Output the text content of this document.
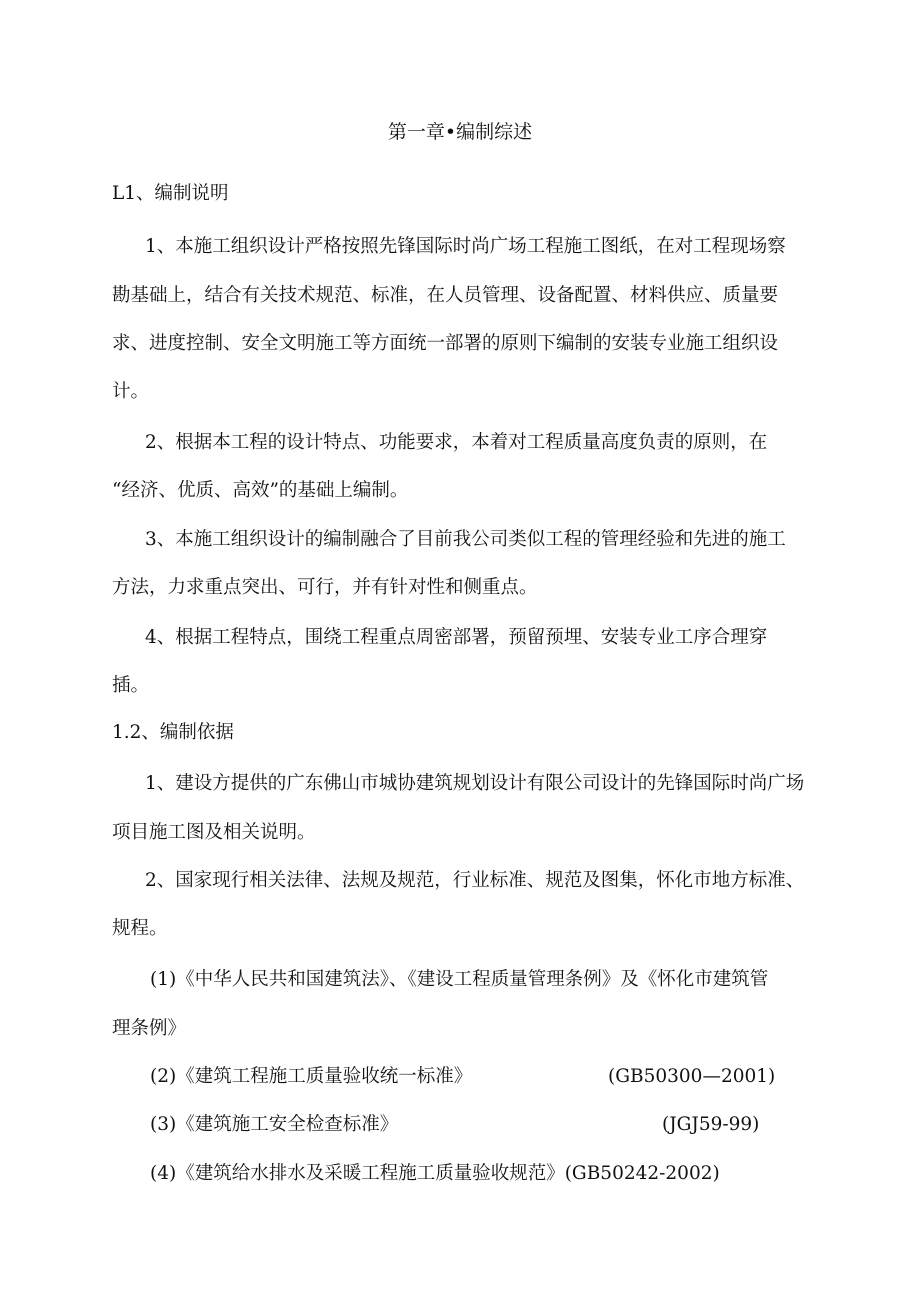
第一章•编制综述
L1、编制说明
1、本施工组织设计严格按照先锋国际时尚广场工程施工图纸，在对工程现场察
勘基础上，结合有关技术规范、标准，在人员管理、设备配置、材料供应、质量要
求、进度控制、安全文明施工等方面统一部署的原则下编制的安装专业施工组织设
计。
2、根据本工程的设计特点、功能要求，本着对工程质量高度负责的原则，在
“经济、优质、高效”的基础上编制。
3、本施工组织设计的编制融合了目前我公司类似工程的管理经验和先进的施工
方法，力求重点突出、可行，并有针对性和侧重点。
4、根据工程特点，围绕工程重点周密部署，预留预埋、安装专业工序合理穿
插。
1.2、编制依据
1、建设方提供的广东佛山市城协建筑规划设计有限公司设计的先锋国际时尚广场
项目施工图及相关说明。
2、国家现行相关法律、法规及规范，行业标准、规范及图集，怀化市地方标准、
规程。
(1)《中华人民共和国建筑法》、《建设工程质量管理条例》及《怀化市建筑管
理条例》
(2)《建筑工程施工质量验收统一标准》	(GB50300—2001)
(3)《建筑施工安全检查标准》	(JGJ59-99)
(4)《建筑给水排水及采暖工程施工质量验收规范》(GB50242-2002)
